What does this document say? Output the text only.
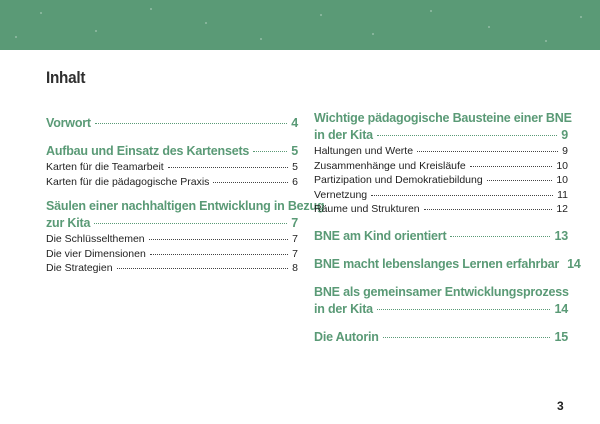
Inhalt
Vorwort	4
Aufbau und Einsatz des Kartensets	5
Karten für die Teamarbeit	5
Karten für die pädagogische Praxis	6
Säulen einer nachhaltigen Entwicklung in Bezug
zur Kita	7
Die Schlüsselthemen	7
Die vier Dimensionen	7
Die Strategien	8
Wichtige pädagogische Bausteine einer BNE
in der Kita	9
Haltungen und Werte	9
Zusammenhänge und Kreisläufe	10
Partizipation und Demokratiebildung	10
Vernetzung	11
Räume und Strukturen	12
BNE am Kind orientiert	13
BNE macht lebenslanges Lernen erfahrbar 14
BNE als gemeinsamer Entwicklungsprozess
in der Kita	14
Die Autorin	15
3
